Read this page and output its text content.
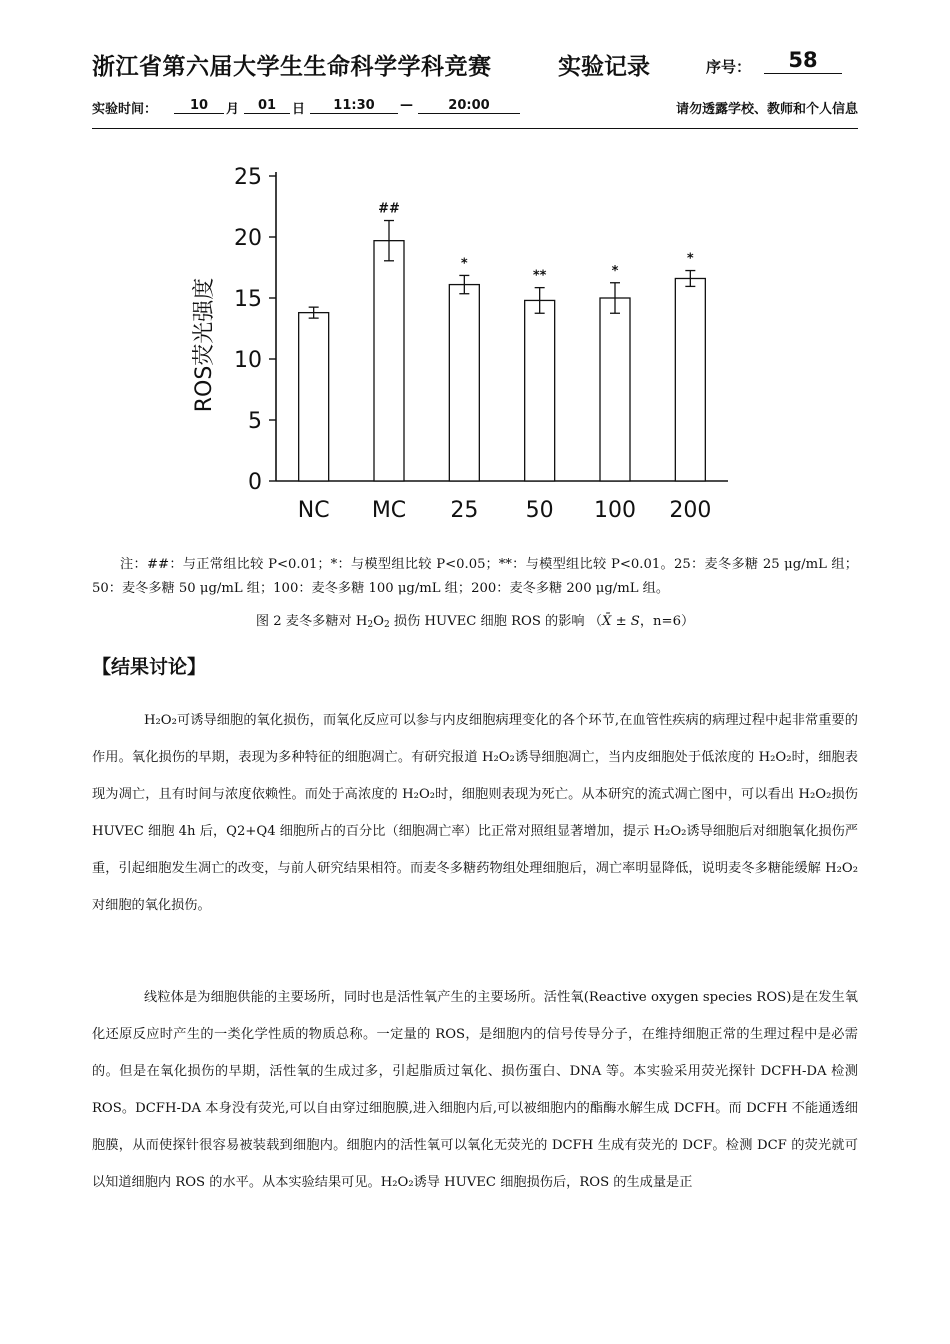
浙江省第六届大学生生命科学学科竞赛	实验记录	序号：	58
实验时间：	10	月	01	日	11:30	—	20:00	请勿透露学校、教师和个人信息
ROS荧光强度
0
5
10
15
20
25
NC
##
MC
*
25
**
50
*
100
*
200
注：##：与正常组比较 P<0.01；*：与模型组比较 P<0.05；**：与模型组比较 P<0.01。25：麦冬多糖 25 μg/mL 组；50：麦冬多糖 50 μg/mL 组；100：麦冬多糖 100 μg/mL 组；200：麦冬多糖 200 μg/mL 组。
图 2 麦冬多糖对 $H_2O_2$ 损伤 HUVEC 细胞 ROS 的影响 （X̄ ± S，n=6）
【结果讨论】
H₂O₂可诱导细胞的氧化损伤，而氧化反应可以参与内皮细胞病理变化的各个环节,在血管性疾病的病理过程中起非常重要的作用。氧化损伤的早期，表现为多种特征的细胞凋亡。有研究报道 H₂O₂诱导细胞凋亡，当内皮细胞处于低浓度的 H₂O₂时，细胞表现为凋亡，且有时间与浓度依赖性。而处于高浓度的 H₂O₂时，细胞则表现为死亡。从本研究的流式凋亡图中，可以看出 H₂O₂损伤 HUVEC 细胞 4h 后，Q2+Q4 细胞所占的百分比（细胞凋亡率）比正常对照组显著增加，提示 H₂O₂诱导细胞后对细胞氧化损伤严重，引起细胞发生凋亡的改变，与前人研究结果相符。而麦冬多糖药物组处理细胞后，凋亡率明显降低，说明麦冬多糖能缓解 H₂O₂对细胞的氧化损伤。
线粒体是为细胞供能的主要场所，同时也是活性氧产生的主要场所。活性氧(Reactive oxygen species ROS)是在发生氧化还原反应时产生的一类化学性质的物质总称。一定量的 ROS，是细胞内的信号传导分子，在维持细胞正常的生理过程中是必需的。但是在氧化损伤的早期，活性氧的生成过多，引起脂质过氧化、损伤蛋白、DNA 等。本实验采用荧光探针 DCFH-DA 检测 ROS。DCFH-DA 本身没有荧光,可以自由穿过细胞膜,进入细胞内后,可以被细胞内的酯酶水解生成 DCFH。而 DCFH 不能通透细胞膜，从而使探针很容易被装载到细胞内。细胞内的活性氧可以氧化无荧光的 DCFH 生成有荧光的 DCF。检测 DCF 的荧光就可以知道细胞内 ROS 的水平。从本实验结果可见。H₂O₂诱导 HUVEC 细胞损伤后，ROS 的生成量是正
